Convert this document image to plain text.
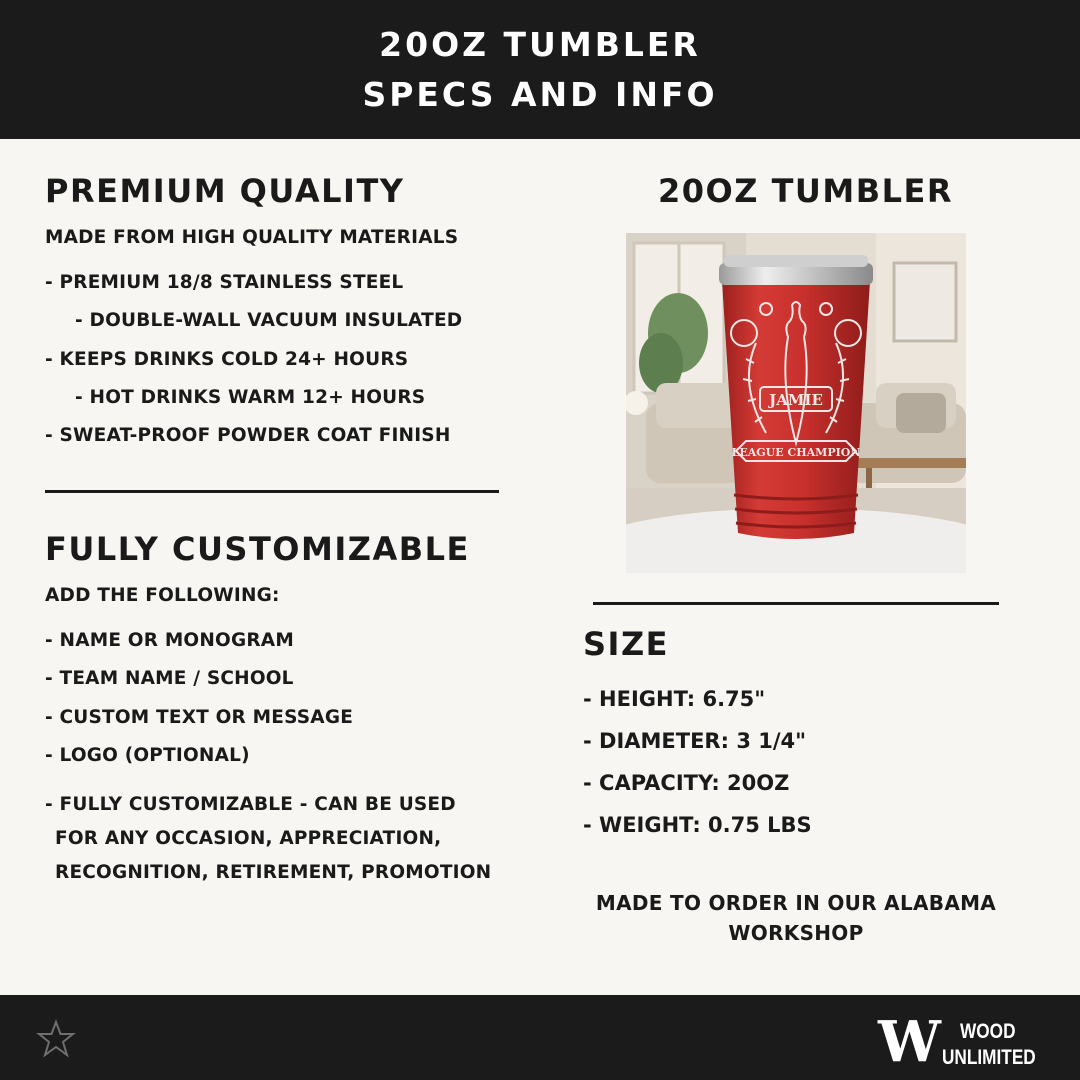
20OZ TUMBLER
SPECS AND INFO
PREMIUM QUALITY
MADE FROM HIGH QUALITY MATERIALS
- PREMIUM 18/8 STAINLESS STEEL
- DOUBLE-WALL VACUUM INSULATED
- KEEPS DRINKS COLD 24+ HOURS
- HOT DRINKS WARM 12+ HOURS
- SWEAT-PROOF POWDER COAT FINISH
FULLY CUSTOMIZABLE
ADD THE FOLLOWING:
- NAME OR MONOGRAM
- TEAM NAME / SCHOOL
- CUSTOM TEXT OR MESSAGE
- LOGO (OPTIONAL)
- FULLY CUSTOMIZABLE - CAN BE USED
FOR ANY OCCASION, APPRECIATION,
RECOGNITION, RETIREMENT, PROMOTION
20OZ TUMBLER
JAMIE
LEAGUE CHAMPION
SIZE
- HEIGHT: 6.75"
- DIAMETER: 3 1/4"
- CAPACITY: 20OZ
- WEIGHT: 0.75 LBS
MADE TO ORDER IN OUR ALABAMA
WORKSHOP
W WOOD
UNLIMITED
